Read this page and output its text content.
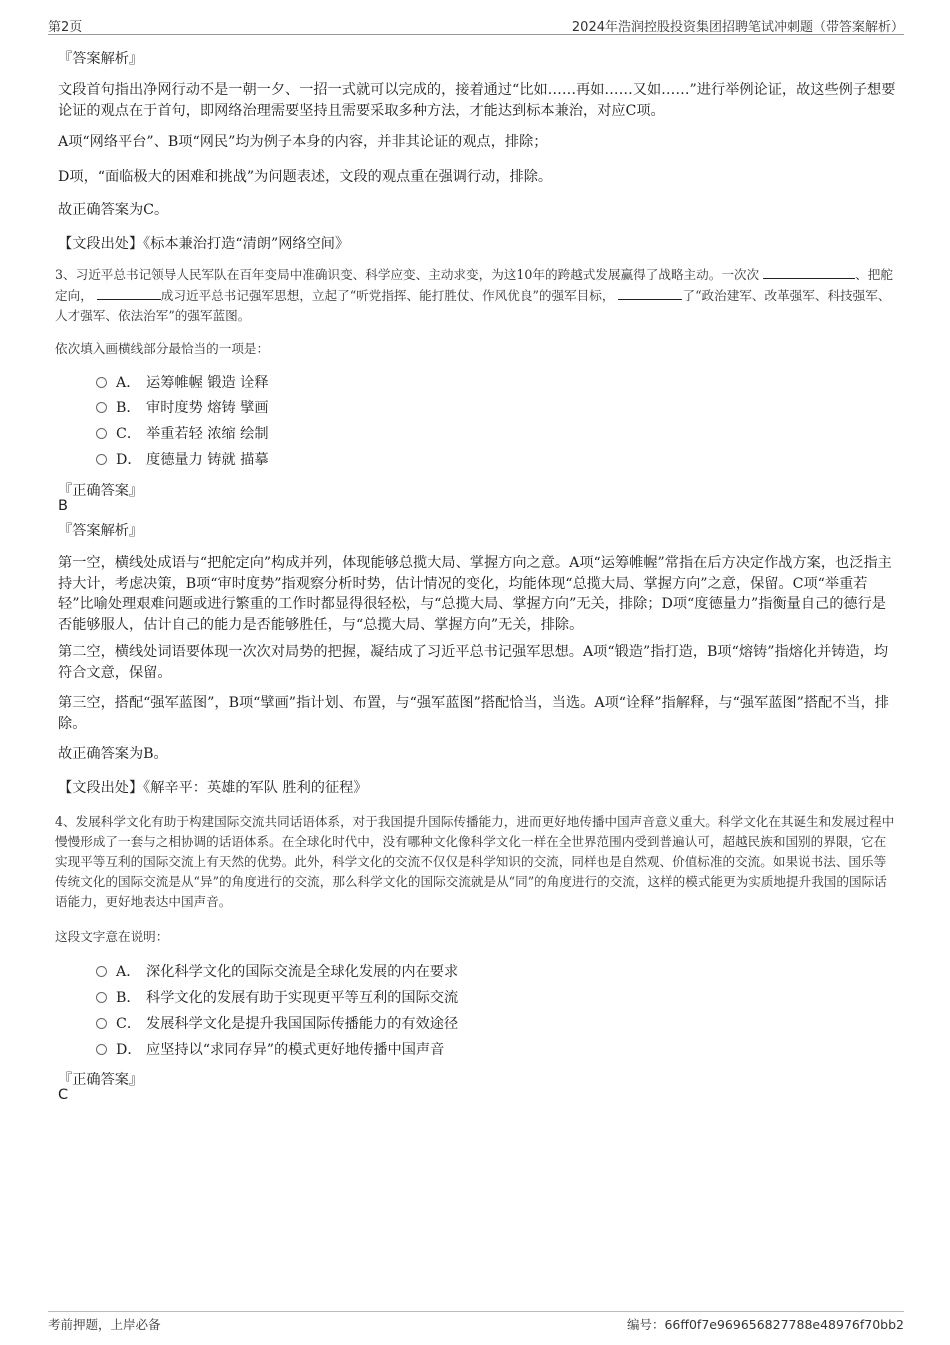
第2页	2024年浩润控股投资集团招聘笔试冲刺题（带答案解析）
『答案解析』
文段首句指出净网行动不是一朝一夕、一招一式就可以完成的，接着通过“比如……再如……又如……”进行举例论证，故这些例子想要论证的观点在于首句，即网络治理需要坚持且需要采取多种方法，才能达到标本兼治，对应C项。
A项“网络平台”、B项“网民”均为例子本身的内容，并非其论证的观点，排除；
D项，“面临极大的困难和挑战”为问题表述，文段的观点重在强调行动，排除。
故正确答案为C。
【文段出处】《标本兼治打造“清朗”网络空间》
3、习近平总书记领导人民军队在百年变局中准确识变、科学应变、主动求变，为这10年的跨越式发展赢得了战略主动。一次次	、把舵定向，	成习近平总书记强军思想，立起了“听党指挥、能打胜仗、作风优良”的强军目标，	了“政治建军、改革强军、科技强军、人才强军、依法治军”的强军蓝图。
依次填入画横线部分最恰当的一项是：
A． 运筹帷幄 锻造 诠释
B． 审时度势 熔铸 擘画
C． 举重若轻 浓缩 绘制
D． 度德量力 铸就 描摹
『正确答案』
B
『答案解析』
第一空，横线处成语与“把舵定向”构成并列，体现能够总揽大局、掌握方向之意。A项“运筹帷幄”常指在后方决定作战方案，也泛指主持大计，考虑决策，B项“审时度势”指观察分析时势，估计情况的变化，均能体现“总揽大局、掌握方向”之意，保留。C项“举重若轻”比喻处理艰难问题或进行繁重的工作时都显得很轻松，与“总揽大局、掌握方向”无关，排除；D项“度德量力”指衡量自己的德行是否能够服人，估计自己的能力是否能够胜任，与“总揽大局、掌握方向”无关，排除。
第二空，横线处词语要体现一次次对局势的把握，凝结成了习近平总书记强军思想。A项“锻造”指打造，B项“熔铸”指熔化并铸造，均符合文意，保留。
第三空，搭配“强军蓝图”，B项“擘画”指计划、布置，与“强军蓝图”搭配恰当，当选。A项“诠释”指解释，与“强军蓝图”搭配不当，排除。
故正确答案为B。
【文段出处】《解辛平：英雄的军队 胜利的征程》
4、发展科学文化有助于构建国际交流共同话语体系，对于我国提升国际传播能力，进而更好地传播中国声音意义重大。科学文化在其诞生和发展过程中慢慢形成了一套与之相协调的话语体系。在全球化时代中，没有哪种文化像科学文化一样在全世界范围内受到普遍认可，超越民族和国别的界限，它在实现平等互利的国际交流上有天然的优势。此外，科学文化的交流不仅仅是科学知识的交流，同样也是自然观、价值标准的交流。如果说书法、国乐等传统文化的国际交流是从“异”的角度进行的交流，那么科学文化的国际交流就是从“同”的角度进行的交流，这样的模式能更为实质地提升我国的国际话语能力，更好地表达中国声音。
这段文字意在说明：
A． 深化科学文化的国际交流是全球化发展的内在要求
B． 科学文化的发展有助于实现更平等互利的国际交流
C． 发展科学文化是提升我国国际传播能力的有效途径
D． 应坚持以“求同存异”的模式更好地传播中国声音
『正确答案』
C
考前押题，上岸必备	编号：66ff0f7e969656827788e48976f70bb2
